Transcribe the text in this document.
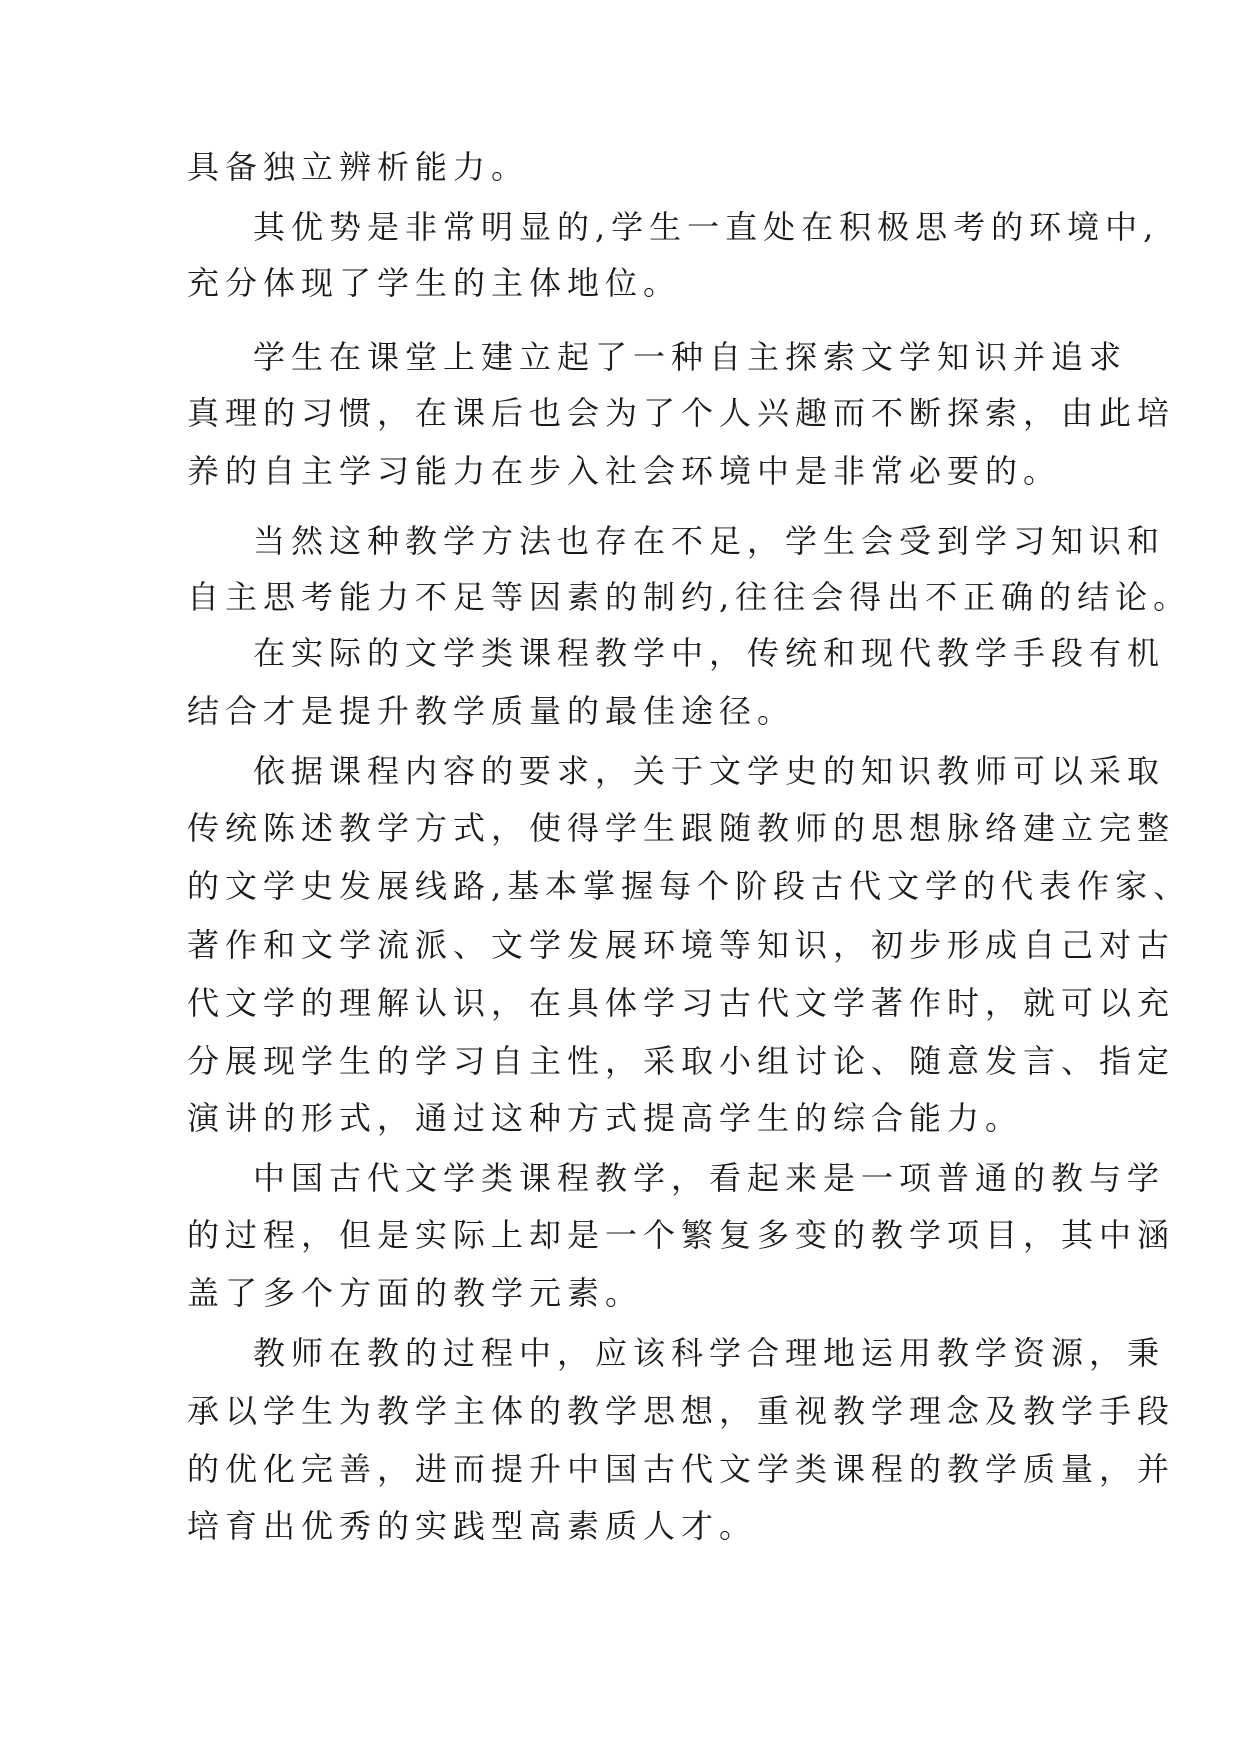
具备独立辨析能力。
其优势是非常明显的,学生一直处在积极思考的环境中,
充分体现了学生的主体地位。
学生在课堂上建立起了一种自主探索文学知识并追求
真理的习惯，在课后也会为了个人兴趣而不断探索，由此培
养的自主学习能力在步入社会环境中是非常必要的。
当然这种教学方法也存在不足，学生会受到学习知识和
自主思考能力不足等因素的制约,往往会得出不正确的结论。
在实际的文学类课程教学中，传统和现代教学手段有机
结合才是提升教学质量的最佳途径。
依据课程内容的要求，关于文学史的知识教师可以采取
传统陈述教学方式，使得学生跟随教师的思想脉络建立完整
的文学史发展线路,基本掌握每个阶段古代文学的代表作家、
著作和文学流派、文学发展环境等知识，初步形成自己对古
代文学的理解认识，在具体学习古代文学著作时，就可以充
分展现学生的学习自主性，采取小组讨论、随意发言、指定
演讲的形式，通过这种方式提高学生的综合能力。
中国古代文学类课程教学，看起来是一项普通的教与学
的过程，但是实际上却是一个繁复多变的教学项目，其中涵
盖了多个方面的教学元素。
教师在教的过程中，应该科学合理地运用教学资源，秉
承以学生为教学主体的教学思想，重视教学理念及教学手段
的优化完善，进而提升中国古代文学类课程的教学质量，并
培育出优秀的实践型高素质人才。
